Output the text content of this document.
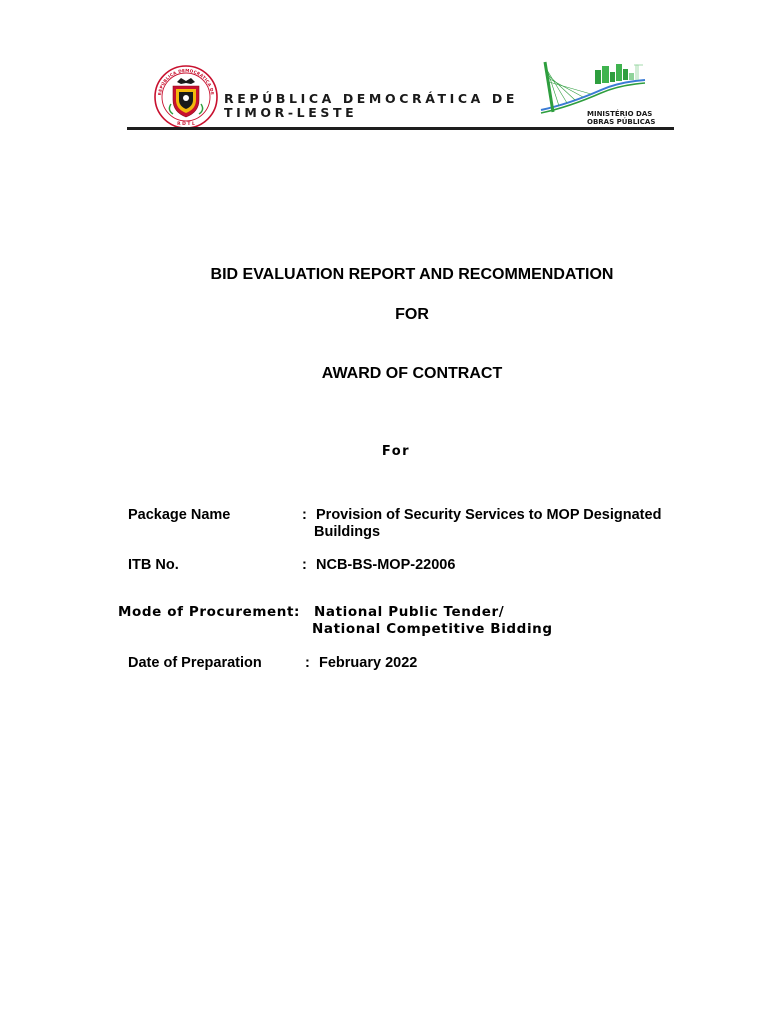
REPÚBLICA DEMOCRÁTICA DE
R D T L
REPÚBLICA DEMOCRÁTICA DE
TIMOR-LESTE	MINISTÉRIO DAS
OBRAS PÚBLICAS
BID EVALUATION REPORT AND RECOMMENDATION
FOR
AWARD OF CONTRACT
For
Package Name	: Provision of Security Services to MOP Designated
Buildings
ITB No.	: NCB-BS-MOP-22006
Mode of Procurement: National Public Tender/
National Competitive Bidding
Date of Preparation	: February 2022
